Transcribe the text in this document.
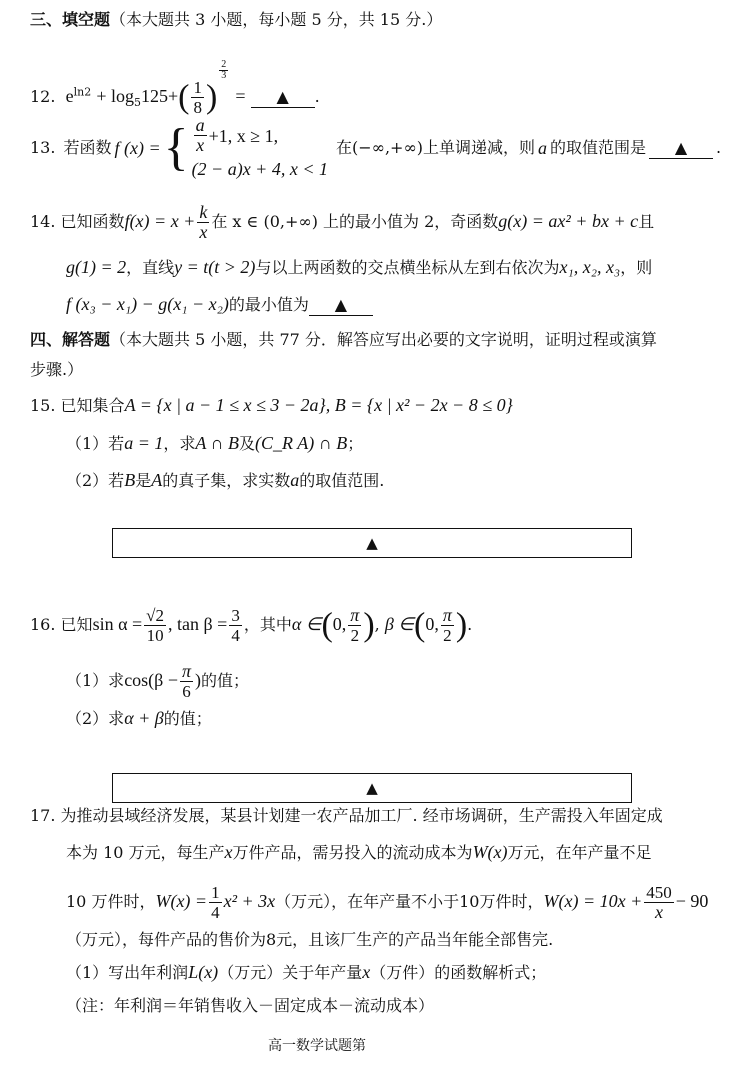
三、填空题（本大题共 3 小题，每小题 5 分，共 15 分.）
12. $e^{ln2} + \log_5125+( \frac{1}{8}$ )
$\frac{2}{3}$
= ▲ .
13. 若函数 f (x) = { $\frac{a}{x} +1$, x ≥ 1,
(2 − a)x + 4, x < 1
在(−∞,+∞)上单调递减，则 a 的取值范围是	▲	.
14. 已知函数$f(x) = x + \frac{k}{x}$ 在 x ∈ (0,+∞) 上的最小值为 2，奇函数g(x) = ax² + bx + c且
g(1) = 2，直线y = t(t > 2)与以上两函数的交点横坐标从左到右依次为x₁, x₂, x₃，则
f (x₃ − x₁) − g(x₁ − x₂)的最小值为 ▲
四、解答题（本大题共 5 小题，共 77 分．解答应写出必要的文字说明，证明过程或演算
步骤.）
15. 已知集合A = {x | a − 1 ≤ x ≤ 3 − 2a}, B = {x | x² − 2x − 8 ≤ 0}
（1）若a = 1，求A ∩ B及(C_R A) ∩ B；
（2）若B是A的真子集，求实数a的取值范围.
▲
16. 已知$\sin \alpha = \frac{√2}{10}$ , $\tan \beta = \frac{3}{4}$ ，其中α ∈(0, $\frac{\pi}{2}$ ), β ∈(0, $\frac{\pi}{2}$ ).
（1）求$\cos(\beta - \frac{\pi}{6}$ )的值；
（2）求α + β的值；
▲
17. 为推动县域经济发展，某县计划建一农产品加工厂. 经市场调研，生产需投入年固定成
本为 10 万元，每生产x万件产品，需另投入的流动成本为W(x)万元，在年产量不足
10 万件时，$W(x) = \frac{1}{4} x^2 + 3x$（万元），在年产量不小于10万件时，$W(x) = 10x + \frac{450}{x} - 90$
（万元），每件产品的售价为8元，且该厂生产的产品当年能全部售完.
（1）写出年利润L(x)（万元）关于年产量x（万件）的函数解析式；
（注：年利润＝年销售收入－固定成本－流动成本）
高一数学试题第
